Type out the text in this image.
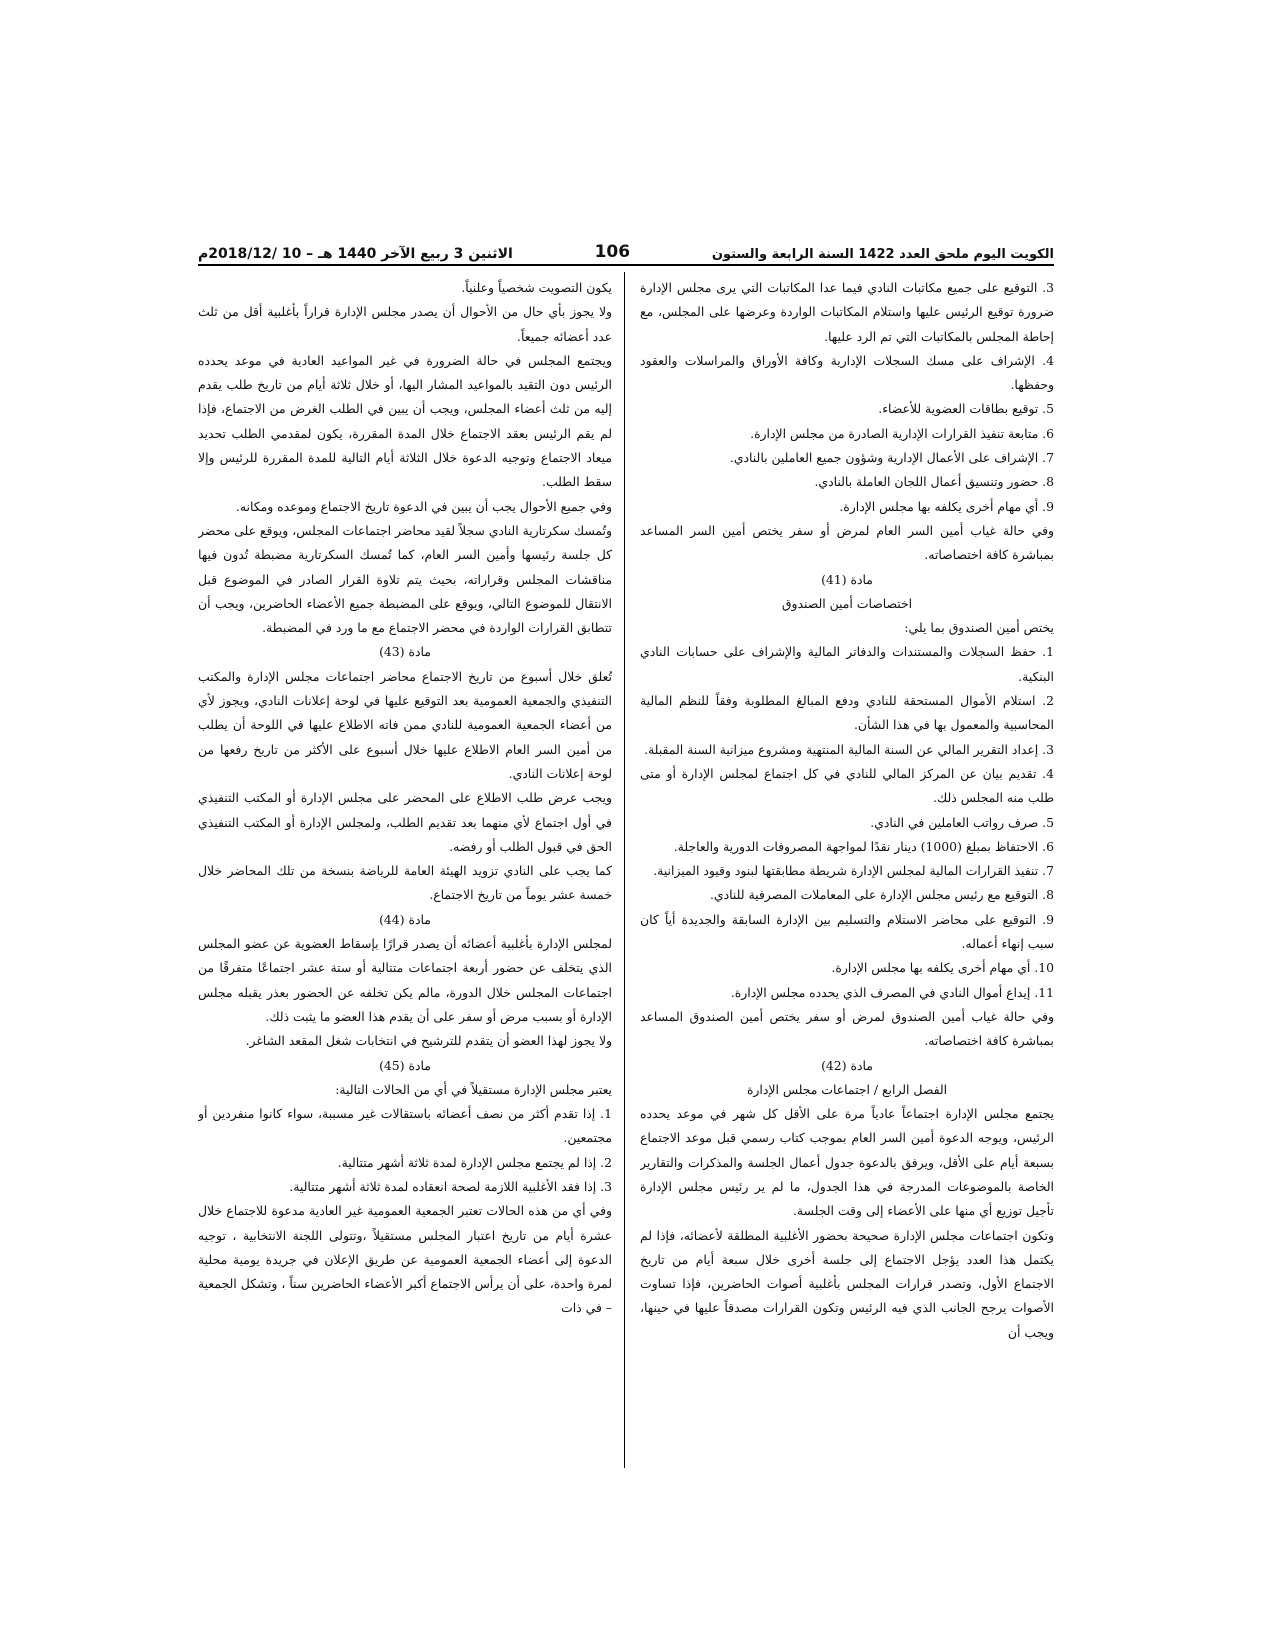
الكويت اليوم ملحق العدد 1422 السنة الرابعة والستون
106
الاثنين 3 ربيع الآخر 1440 هـ – 10 /2018/12م

3. التوقيع على جميع مكاتبات النادي فيما عدا المكاتبات التي يرى مجلس الإدارة ضرورة توقيع الرئيس عليها واستلام المكاتبات الواردة وعرضها على المجلس، مع إحاطة المجلس بالمكاتبات التي تم الرد عليها.

4. الإشراف على مسك السجلات الإدارية وكافة الأوراق والمراسلات والعقود وحفظها.

5. توقيع بطاقات العضوية للأعضاء.

6. متابعة تنفيذ القرارات الإدارية الصادرة من مجلس الإدارة.

7. الإشراف على الأعمال الإدارية وشؤون جميع العاملين بالنادي.

8. حضور وتنسيق أعمال اللجان العاملة بالنادي.

9. أي مهام أخرى يكلفه بها مجلس الإدارة.

وفي حالة غياب أمين السر العام لمرض أو سفر يختص أمين السر المساعد بمباشرة كافة اختصاصاته.

مادة (41)

اختصاصات أمين الصندوق

يختص أمين الصندوق بما يلي:

1. حفظ السجلات والمستندات والدفاتر المالية والإشراف على حسابات النادي البنكية.

2. استلام الأموال المستحقة للنادي ودفع المبالغ المطلوبة وفقاً للنظم المالية المحاسبية والمعمول بها في هذا الشأن.

3. إعداد التقرير المالي عن السنة المالية المنتهية ومشروع ميزانية السنة المقبلة.

4. تقديم بيان عن المركز المالي للنادي في كل اجتماع لمجلس الإدارة أو متى طلب منه المجلس ذلك.

5. صرف رواتب العاملين في النادي.

6. الاحتفاظ بمبلغ (1000) دينار نقدًا لمواجهة المصروفات الدورية والعاجلة.

7. تنفيذ القرارات المالية لمجلس الإدارة شريطة مطابقتها لبنود وقيود الميزانية.

8. التوقيع مع رئيس مجلس الإدارة على المعاملات المصرفية للنادي.

9. التوقيع على محاضر الاستلام والتسليم بين الإدارة السابقة والجديدة أياً كان سبب إنهاء أعماله.

10. أي مهام أخرى يكلفه بها مجلس الإدارة.

11. إيداع أموال النادي في المصرف الذي يحدده مجلس الإدارة.

وفي حالة غياب أمين الصندوق لمرض أو سفر يختص أمين الصندوق المساعد بمباشرة كافة اختصاصاته.

مادة (42)

الفصل الرابع / اجتماعات مجلس الإدارة

يجتمع مجلس الإدارة اجتماعاً عادياً مرة على الأقل كل شهر في موعد يحدده الرئيس، ويوجه الدعوة أمين السر العام بموجب كتاب رسمي قبل موعد الاجتماع بسبعة أيام على الأقل، ويرفق بالدعوة جدول أعمال الجلسة والمذكرات والتقارير الخاصة بالموضوعات المدرجة في هذا الجدول، ما لم ير رئيس مجلس الإدارة تأجيل توزيع أي منها على الأعضاء إلى وقت الجلسة.

وتكون اجتماعات مجلس الإدارة صحيحة بحضور الأغلبية المطلقة لأعضائه، فإذا لم يكتمل هذا العدد يؤجل الاجتماع إلى جلسة أخرى خلال سبعة أيام من تاريخ الاجتماع الأول، وتصدر قرارات المجلس بأغلبية أصوات الحاضرين، فإذا تساوت الأصوات يرجح الجانب الذي فيه الرئيس وتكون القرارات مصدقاً عليها في حينها، ويجب أن

يكون التصويت شخصياً وعلنياً.

ولا يجوز بأي حال من الأحوال أن يصدر مجلس الإدارة قراراً بأغلبية أقل من ثلث عدد أعضائه جميعاً.

ويجتمع المجلس في حالة الضرورة في غير المواعيد العادية في موعد يحدده الرئيس دون التقيد بالمواعيد المشار اليها، أو خلال ثلاثة أيام من تاريخ طلب يقدم إليه من ثلث أعضاء المجلس، ويجب أن يبين في الطلب الغرض من الاجتماع، فإذا لم يقم الرئيس بعقد الاجتماع خلال المدة المقررة، يكون لمقدمي الطلب تحديد ميعاد الاجتماع وتوجيه الدعوة خلال الثلاثة أيام التالية للمدة المقررة للرئيس وإلا سقط الطلب.

وفي جميع الأحوال يجب أن يبين في الدعوة تاريخ الاجتماع وموعده ومكانه.

وتُمسك سكرتارية النادي سجلاً لقيد محاضر اجتماعات المجلس، ويوقع على محضر كل جلسة رئيسها وأمين السر العام، كما تُمسك السكرتارية مضبطة تُدون فيها مناقشات المجلس وقراراته، بحيث يتم تلاوة القرار الصادر في الموضوع قبل الانتقال للموضوع التالي، ويوقع على المضبطة جميع الأعضاء الحاضرين، ويجب أن تتطابق القرارات الواردة في محضر الاجتماع مع ما ورد في المضبطة.

مادة (43)

تُعلق خلال أسبوع من تاريخ الاجتماع محاضر اجتماعات مجلس الإدارة والمكتب التنفيذي والجمعية العمومية بعد التوقيع عليها في لوحة إعلانات النادي، ويجوز لأي من أعضاء الجمعية العمومية للنادي ممن فاته الاطلاع عليها في اللوحة أن يطلب من أمين السر العام الاطلاع عليها خلال أسبوع على الأكثر من تاريخ رفعها من لوحة إعلانات النادي.

ويجب عرض طلب الاطلاع على المحضر على مجلس الإدارة أو المكتب التنفيذي في أول اجتماع لأي منهما بعد تقديم الطلب، ولمجلس الإدارة أو المكتب التنفيذي الحق في قبول الطلب أو رفضه.

كما يجب على النادي تزويد الهيئة العامة للرياضة بنسخة من تلك المحاضر خلال خمسة عشر يوماً من تاريخ الاجتماع.

مادة (44)

لمجلس الإدارة بأغلبية أعضائه أن يصدر قرارًا بإسقاط العضوية عن عضو المجلس الذي يتخلف عن حضور أربعة اجتماعات متتالية أو ستة عشر اجتماعًا متفرقًا من اجتماعات المجلس خلال الدورة، مالم يكن تخلفه عن الحضور بعذر يقبله مجلس الإدارة أو بسبب مرض أو سفر على أن يقدم هذا العضو ما يثبت ذلك.

ولا يجوز لهذا العضو أن يتقدم للترشيح في انتخابات شغل المقعد الشاغر.

مادة (45)

يعتبر مجلس الإدارة مستقيلاً في أي من الحالات التالية:

1. إذا تقدم أكثر من نصف أعضائه باستقالات غير مسببة، سواء كانوا منفردين أو مجتمعين.

2. إذا لم يجتمع مجلس الإدارة لمدة ثلاثة أشهر متتالية.

3. إذا فقد الأغلبية اللازمة لصحة انعقاده لمدة ثلاثة أشهر متتالية.

وفي أي من هذه الحالات تعتبر الجمعية العمومية غير العادية مدعوة للاجتماع خلال عشرة أيام من تاريخ اعتبار المجلس مستقيلاً ،وتتولى اللجنة الانتخابية ، توجيه الدعوة إلى أعضاء الجمعية العمومية عن طريق الإعلان في جريدة يومية محلية لمرة واحدة، على أن يرأس الاجتماع أكبر الأعضاء الحاضرين سناً ، وتشكل الجمعية – في ذات
